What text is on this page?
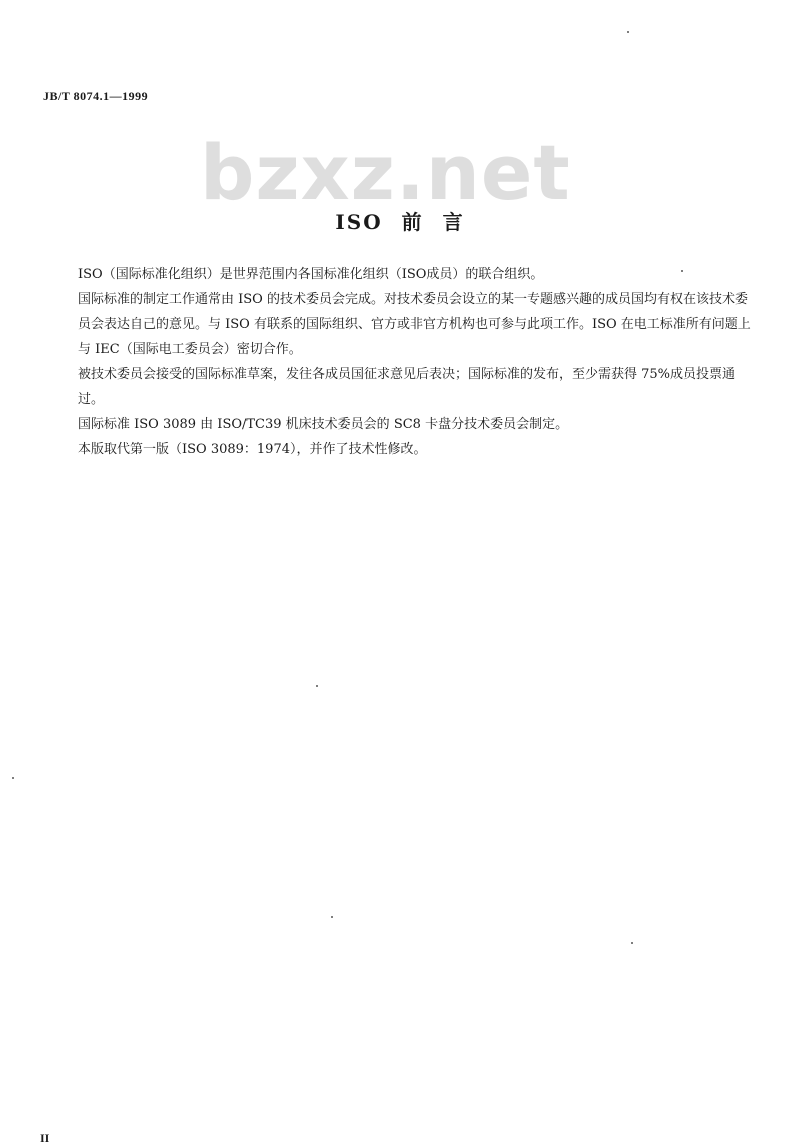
JB/T 8074.1—1999
bzxz.net
ISO 前 言

ISO（国际标准化组织）是世界范围内各国标准化组织（ISO成员）的联合组织。

国际标准的制定工作通常由 ISO 的技术委员会完成。对技术委员会设立的某一专题感兴趣的成员国均有权在该技术委员会表达自己的意见。与 ISO 有联系的国际组织、官方或非官方机构也可参与此项工作。ISO 在电工标准所有问题上与 IEC（国际电工委员会）密切合作。

被技术委员会接受的国际标准草案，发往各成员国征求意见后表决；国际标准的发布，至少需获得 75%成员投票通过。

国际标准 ISO 3089 由 ISO/TC39 机床技术委员会的 SC8 卡盘分技术委员会制定。

本版取代第一版（ISO 3089：1974），并作了技术性修改。

II
